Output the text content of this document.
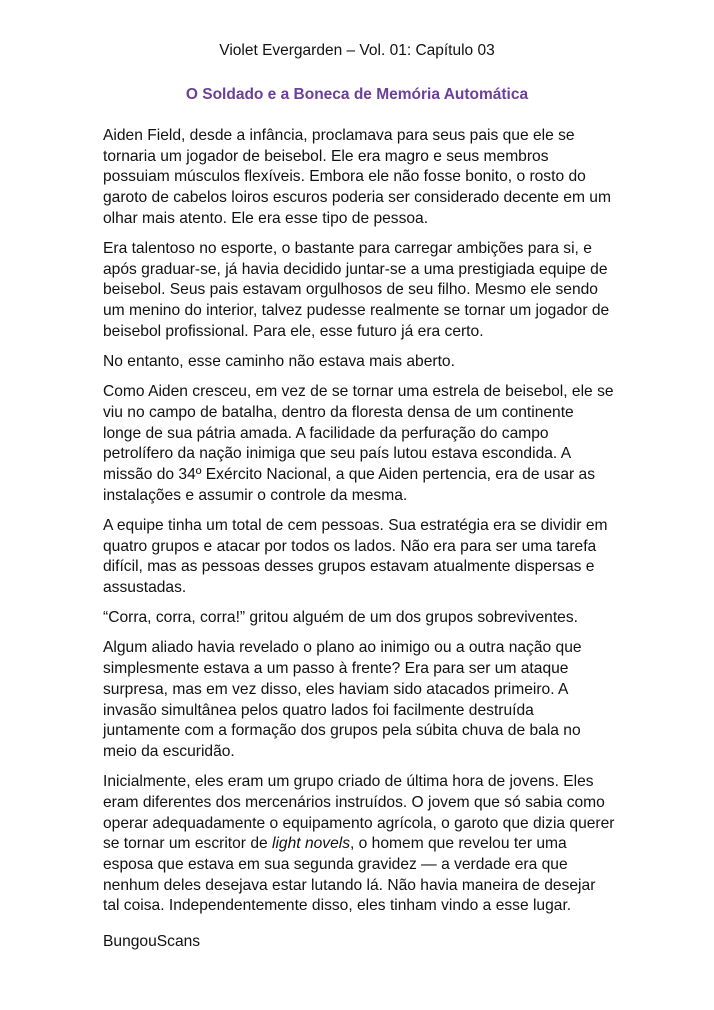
Violet Evergarden – Vol. 01: Capítulo 03
O Soldado e a Boneca de Memória Automática

Aiden Field, desde a infância, proclamava para seus pais que ele se tornaria um jogador de beisebol. Ele era magro e seus membros possuiam músculos flexíveis. Embora ele não fosse bonito, o rosto do garoto de cabelos loiros escuros poderia ser considerado decente em um olhar mais atento. Ele era esse tipo de pessoa.

Era talentoso no esporte, o bastante para carregar ambições para si, e após graduar-se, já havia decidido juntar-se a uma prestigiada equipe de beisebol. Seus pais estavam orgulhosos de seu filho. Mesmo ele sendo um menino do interior, talvez pudesse realmente se tornar um jogador de beisebol profissional. Para ele, esse futuro já era certo.

No entanto, esse caminho não estava mais aberto.

Como Aiden cresceu, em vez de se tornar uma estrela de beisebol, ele se viu no campo de batalha, dentro da floresta densa de um continente longe de sua pátria amada. A facilidade da perfuração do campo petrolífero da nação inimiga que seu país lutou estava escondida. A missão do 34º Exército Nacional, a que Aiden pertencia, era de usar as instalações e assumir o controle da mesma.

A equipe tinha um total de cem pessoas. Sua estratégia era se dividir em quatro grupos e atacar por todos os lados. Não era para ser uma tarefa difícil, mas as pessoas desses grupos estavam atualmente dispersas e assustadas.

“Corra, corra, corra!” gritou alguém de um dos grupos sobreviventes.

Algum aliado havia revelado o plano ao inimigo ou a outra nação que simplesmente estava a um passo à frente? Era para ser um ataque surpresa, mas em vez disso, eles haviam sido atacados primeiro. A invasão simultânea pelos quatro lados foi facilmente destruída juntamente com a formação dos grupos pela súbita chuva de bala no meio da escuridão.

Inicialmente, eles eram um grupo criado de última hora de jovens. Eles eram diferentes dos mercenários instruídos. O jovem que só sabia como operar adequadamente o equipamento agrícola, o garoto que dizia querer se tornar um escritor de light novels, o homem que revelou ter uma esposa que estava em sua segunda gravidez — a verdade era que nenhum deles desejava estar lutando lá. Não havia maneira de desejar tal coisa. Independentemente disso, eles tinham vindo a esse lugar.

BungouScans
